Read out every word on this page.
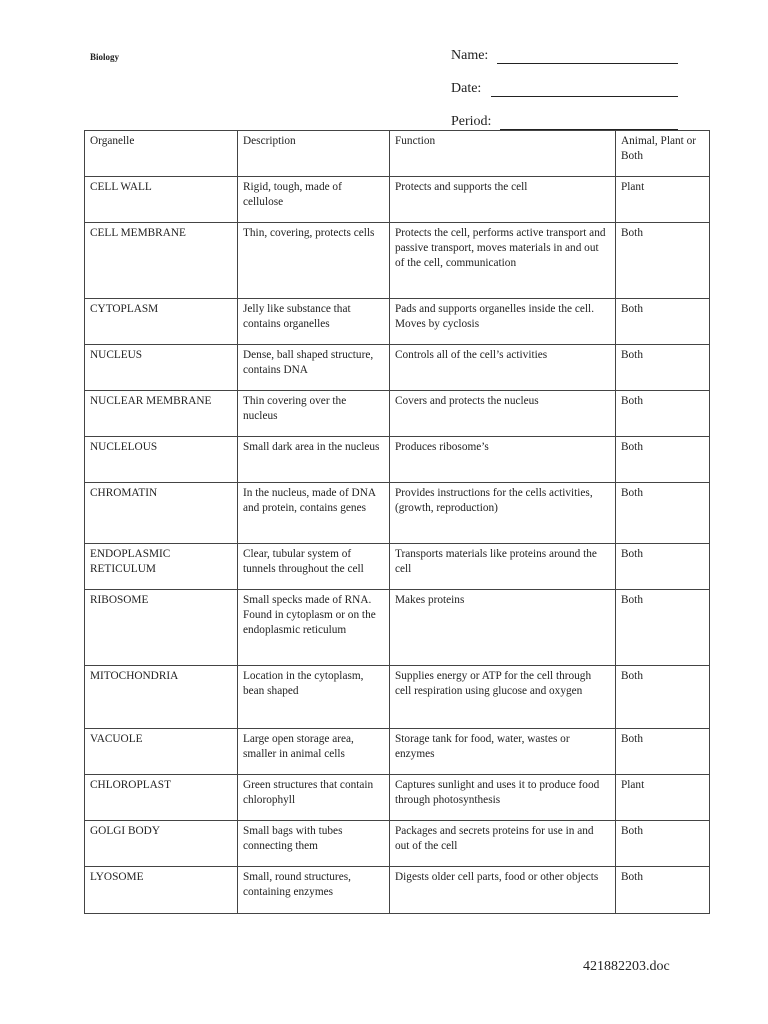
Biology	Name:
Date:
Period:
Organelle	Description	Function	Animal, Plant or Both
CELL WALL	Rigid, tough, made of cellulose	Protects and supports the cell	Plant
CELL MEMBRANE	Thin, covering, protects cells	Protects the cell, performs active transport and passive transport, moves materials in and out of the cell, communication	Both
CYTOPLASM	Jelly like substance that contains organelles	Pads and supports organelles inside the cell. Moves by cyclosis	Both
NUCLEUS	Dense, ball shaped structure, contains DNA	Controls all of the cell’s activities	Both
NUCLEAR MEMBRANE	Thin covering over the nucleus	Covers and protects the nucleus	Both
NUCLELOUS	Small dark area in the nucleus	Produces ribosome’s	Both
CHROMATIN	In the nucleus, made of DNA and protein, contains genes	Provides instructions for the cells activities, (growth, reproduction)	Both
ENDOPLASMIC RETICULUM	Clear, tubular system of tunnels throughout the cell	Transports materials like proteins around the cell	Both
RIBOSOME	Small specks made of RNA. Found in cytoplasm or on the endoplasmic reticulum	Makes proteins	Both
MITOCHONDRIA	Location in the cytoplasm, bean shaped	Supplies energy or ATP for the cell through cell respiration using glucose and oxygen	Both
VACUOLE	Large open storage area, smaller in animal cells	Storage tank for food, water, wastes or enzymes	Both
CHLOROPLAST	Green structures that contain chlorophyll	Captures sunlight and uses it to produce food through photosynthesis	Plant
GOLGI BODY	Small bags with tubes connecting them	Packages and secrets proteins for use in and out of the cell	Both
LYOSOME	Small, round structures, containing enzymes	Digests older cell parts, food or other objects	Both
421882203.doc
